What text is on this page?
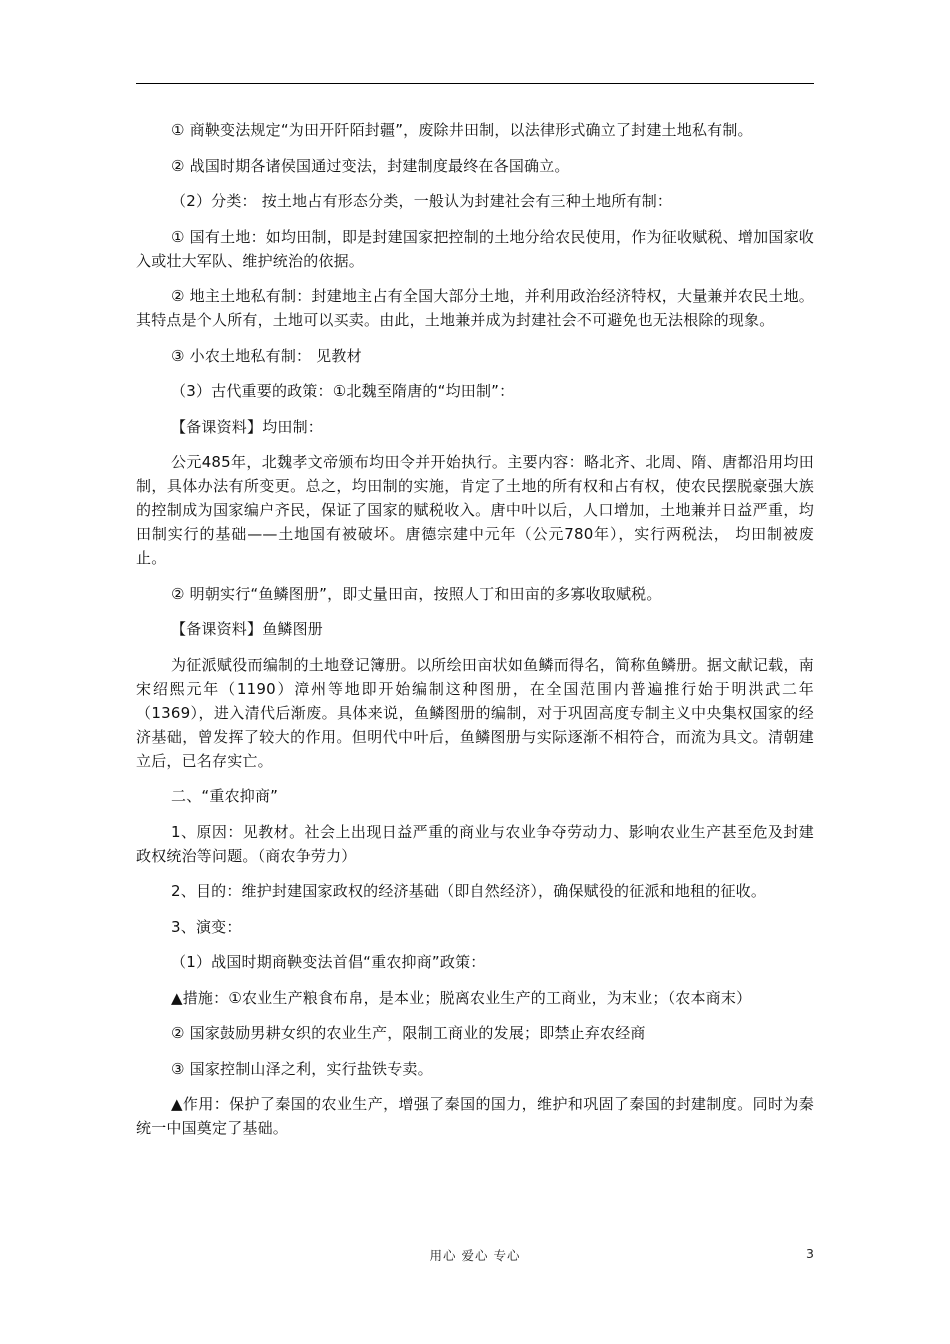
① 商鞅变法规定“为田开阡陌封疆”，废除井田制，以法律形式确立了封建土地私有制。

② 战国时期各诸侯国通过变法，封建制度最终在各国确立。

（2）分类： 按土地占有形态分类，一般认为封建社会有三种土地所有制：

① 国有土地：如均田制，即是封建国家把控制的土地分给农民使用，作为征收赋税、增加国家收入或壮大军队、维护统治的依据。

② 地主土地私有制：封建地主占有全国大部分土地，并利用政治经济特权，大量兼并农民土地。其特点是个人所有，土地可以买卖。由此，土地兼并成为封建社会不可避免也无法根除的现象。

③ 小农土地私有制： 见教材

（3）古代重要的政策：①北魏至隋唐的“均田制”：

【备课资料】均田制：

公元485年，北魏孝文帝颁布均田令并开始执行。主要内容：略北齐、北周、隋、唐都沿用均田制，具体办法有所变更。总之，均田制的实施，肯定了土地的所有权和占有权，使农民摆脱豪强大族的控制成为国家编户齐民，保证了国家的赋税收入。唐中叶以后，人口增加，土地兼并日益严重，均田制实行的基础——土地国有被破坏。唐德宗建中元年（公元780年），实行两税法， 均田制被废止。

② 明朝实行“鱼鳞图册”，即丈量田亩，按照人丁和田亩的多寡收取赋税。

【备课资料】鱼鳞图册

为征派赋役而编制的土地登记簿册。以所绘田亩状如鱼鳞而得名，简称鱼鳞册。据文献记载，南宋绍熙元年（1190）漳州等地即开始编制这种图册，在全国范围内普遍推行始于明洪武二年（1369），进入清代后渐废。具体来说，鱼鳞图册的编制，对于巩固高度专制主义中央集权国家的经济基础，曾发挥了较大的作用。但明代中叶后，鱼鳞图册与实际逐渐不相符合，而流为具文。清朝建立后，已名存实亡。

二、“重农抑商”

1、原因：见教材。社会上出现日益严重的商业与农业争夺劳动力、影响农业生产甚至危及封建政权统治等问题。（商农争劳力）

2、目的：维护封建国家政权的经济基础（即自然经济），确保赋役的征派和地租的征收。

3、演变：

（1）战国时期商鞅变法首倡“重农抑商”政策：

▲措施：①农业生产粮食布帛，是本业；脱离农业生产的工商业，为末业；（农本商末）

② 国家鼓励男耕女织的农业生产，限制工商业的发展；即禁止弃农经商

③ 国家控制山泽之利，实行盐铁专卖。

▲作用：保护了秦国的农业生产，增强了秦国的国力，维护和巩固了秦国的封建制度。同时为秦统一中国奠定了基础。

用心 爱心 专心	3
